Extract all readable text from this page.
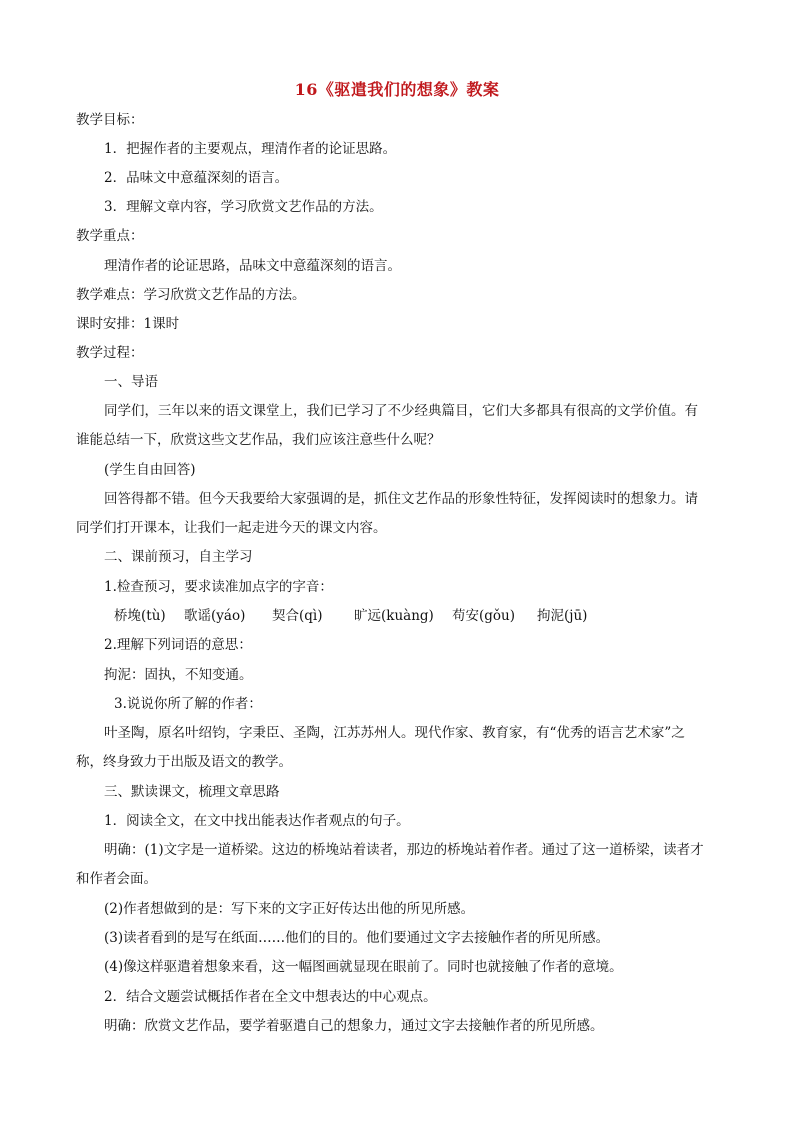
16《驱遣我们的想象》教案
教学目标：
1．把握作者的主要观点，理清作者的论证思路。
2．品味文中意蕴深刻的语言。
3．理解文章内容，学习欣赏文艺作品的方法。
教学重点：
理清作者的论证思路，品味文中意蕴深刻的语言。
教学难点：学习欣赏文艺作品的方法。
课时安排：1课时
教学过程：
一、导语
同学们，三年以来的语文课堂上，我们已学习了不少经典篇目，它们大多都具有很高的文学价值。有
谁能总结一下，欣赏这些文艺作品，我们应该注意些什么呢？
(学生自由回答)
回答得都不错。但今天我要给大家强调的是，抓住文艺作品的形象性特征，发挥阅读时的想象力。请
同学们打开课本，让我们一起走进今天的课文内容。
二、课前预习，自主学习
1.检查预习，要求读准加点字的字音：
桥堍(tù) 歌谣(yáo) 契合(qì) 旷远(kuàng) 苟安(gǒu) 拘泥(jū)
2.理解下列词语的意思：
拘泥：固执，不知变通。
3.说说你所了解的作者：
叶圣陶，原名叶绍钧，字秉臣、圣陶，江苏苏州人。现代作家、教育家，有“优秀的语言艺术家”之
称，终身致力于出版及语文的教学。
三、默读课文，梳理文章思路
1．阅读全文，在文中找出能表达作者观点的句子。
明确：(1)文字是一道桥梁。这边的桥堍站着读者，那边的桥堍站着作者。通过了这一道桥梁，读者才
和作者会面。
(2)作者想做到的是：写下来的文字正好传达出他的所见所感。
(3)读者看到的是写在纸面……他们的目的。他们要通过文字去接触作者的所见所感。
(4)像这样驱遣着想象来看，这一幅图画就显现在眼前了。同时也就接触了作者的意境。
2．结合文题尝试概括作者在全文中想表达的中心观点。
明确：欣赏文艺作品，要学着驱遣自己的想象力，通过文字去接触作者的所见所感。
